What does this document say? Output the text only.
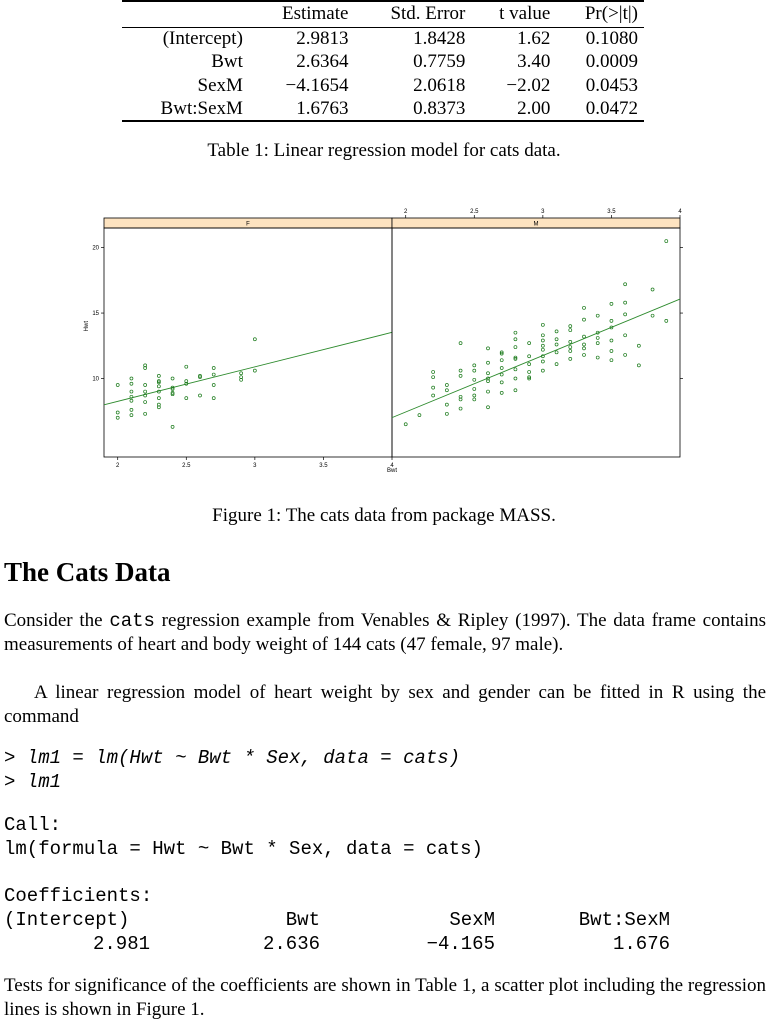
	Estimate	Std. Error	t value	Pr(>|t|)
(Intercept)	2.9813	1.8428	1.62	0.1080
Bwt	2.6364	0.7759	3.40	0.0009
SexM	−4.1654	2.0618	−2.02	0.0453
Bwt:SexM	1.6763	0.8373	2.00	0.0472
Table 1: Linear regression model for cats data.
F	M
2
2
2.5
2.5
3
3
3.5
3.5
4
4
10
15
20
Bwt
Hwt
Figure 1: The cats data from package MASS.
The Cats Data

Consider the cats regression example from Venables & Ripley (1997). The data frame contains measurements of heart and body weight of 144 cats (47 female, 97 male).

A linear regression model of heart weight by sex and gender can be fitted in R using the command

> lm1 = lm(Hwt ~ Bwt * Sex, data = cats)
> lm1
Call:
lm(formula = Hwt ~ Bwt * Sex, data = cats)
Coefficients:
(Intercept)	Bwt	SexM	Bwt:SexM
2.981	2.636	−4.165	1.676

Tests for significance of the coefficients are shown in Table 1, a scatter plot including the regression lines is shown in Figure 1.
